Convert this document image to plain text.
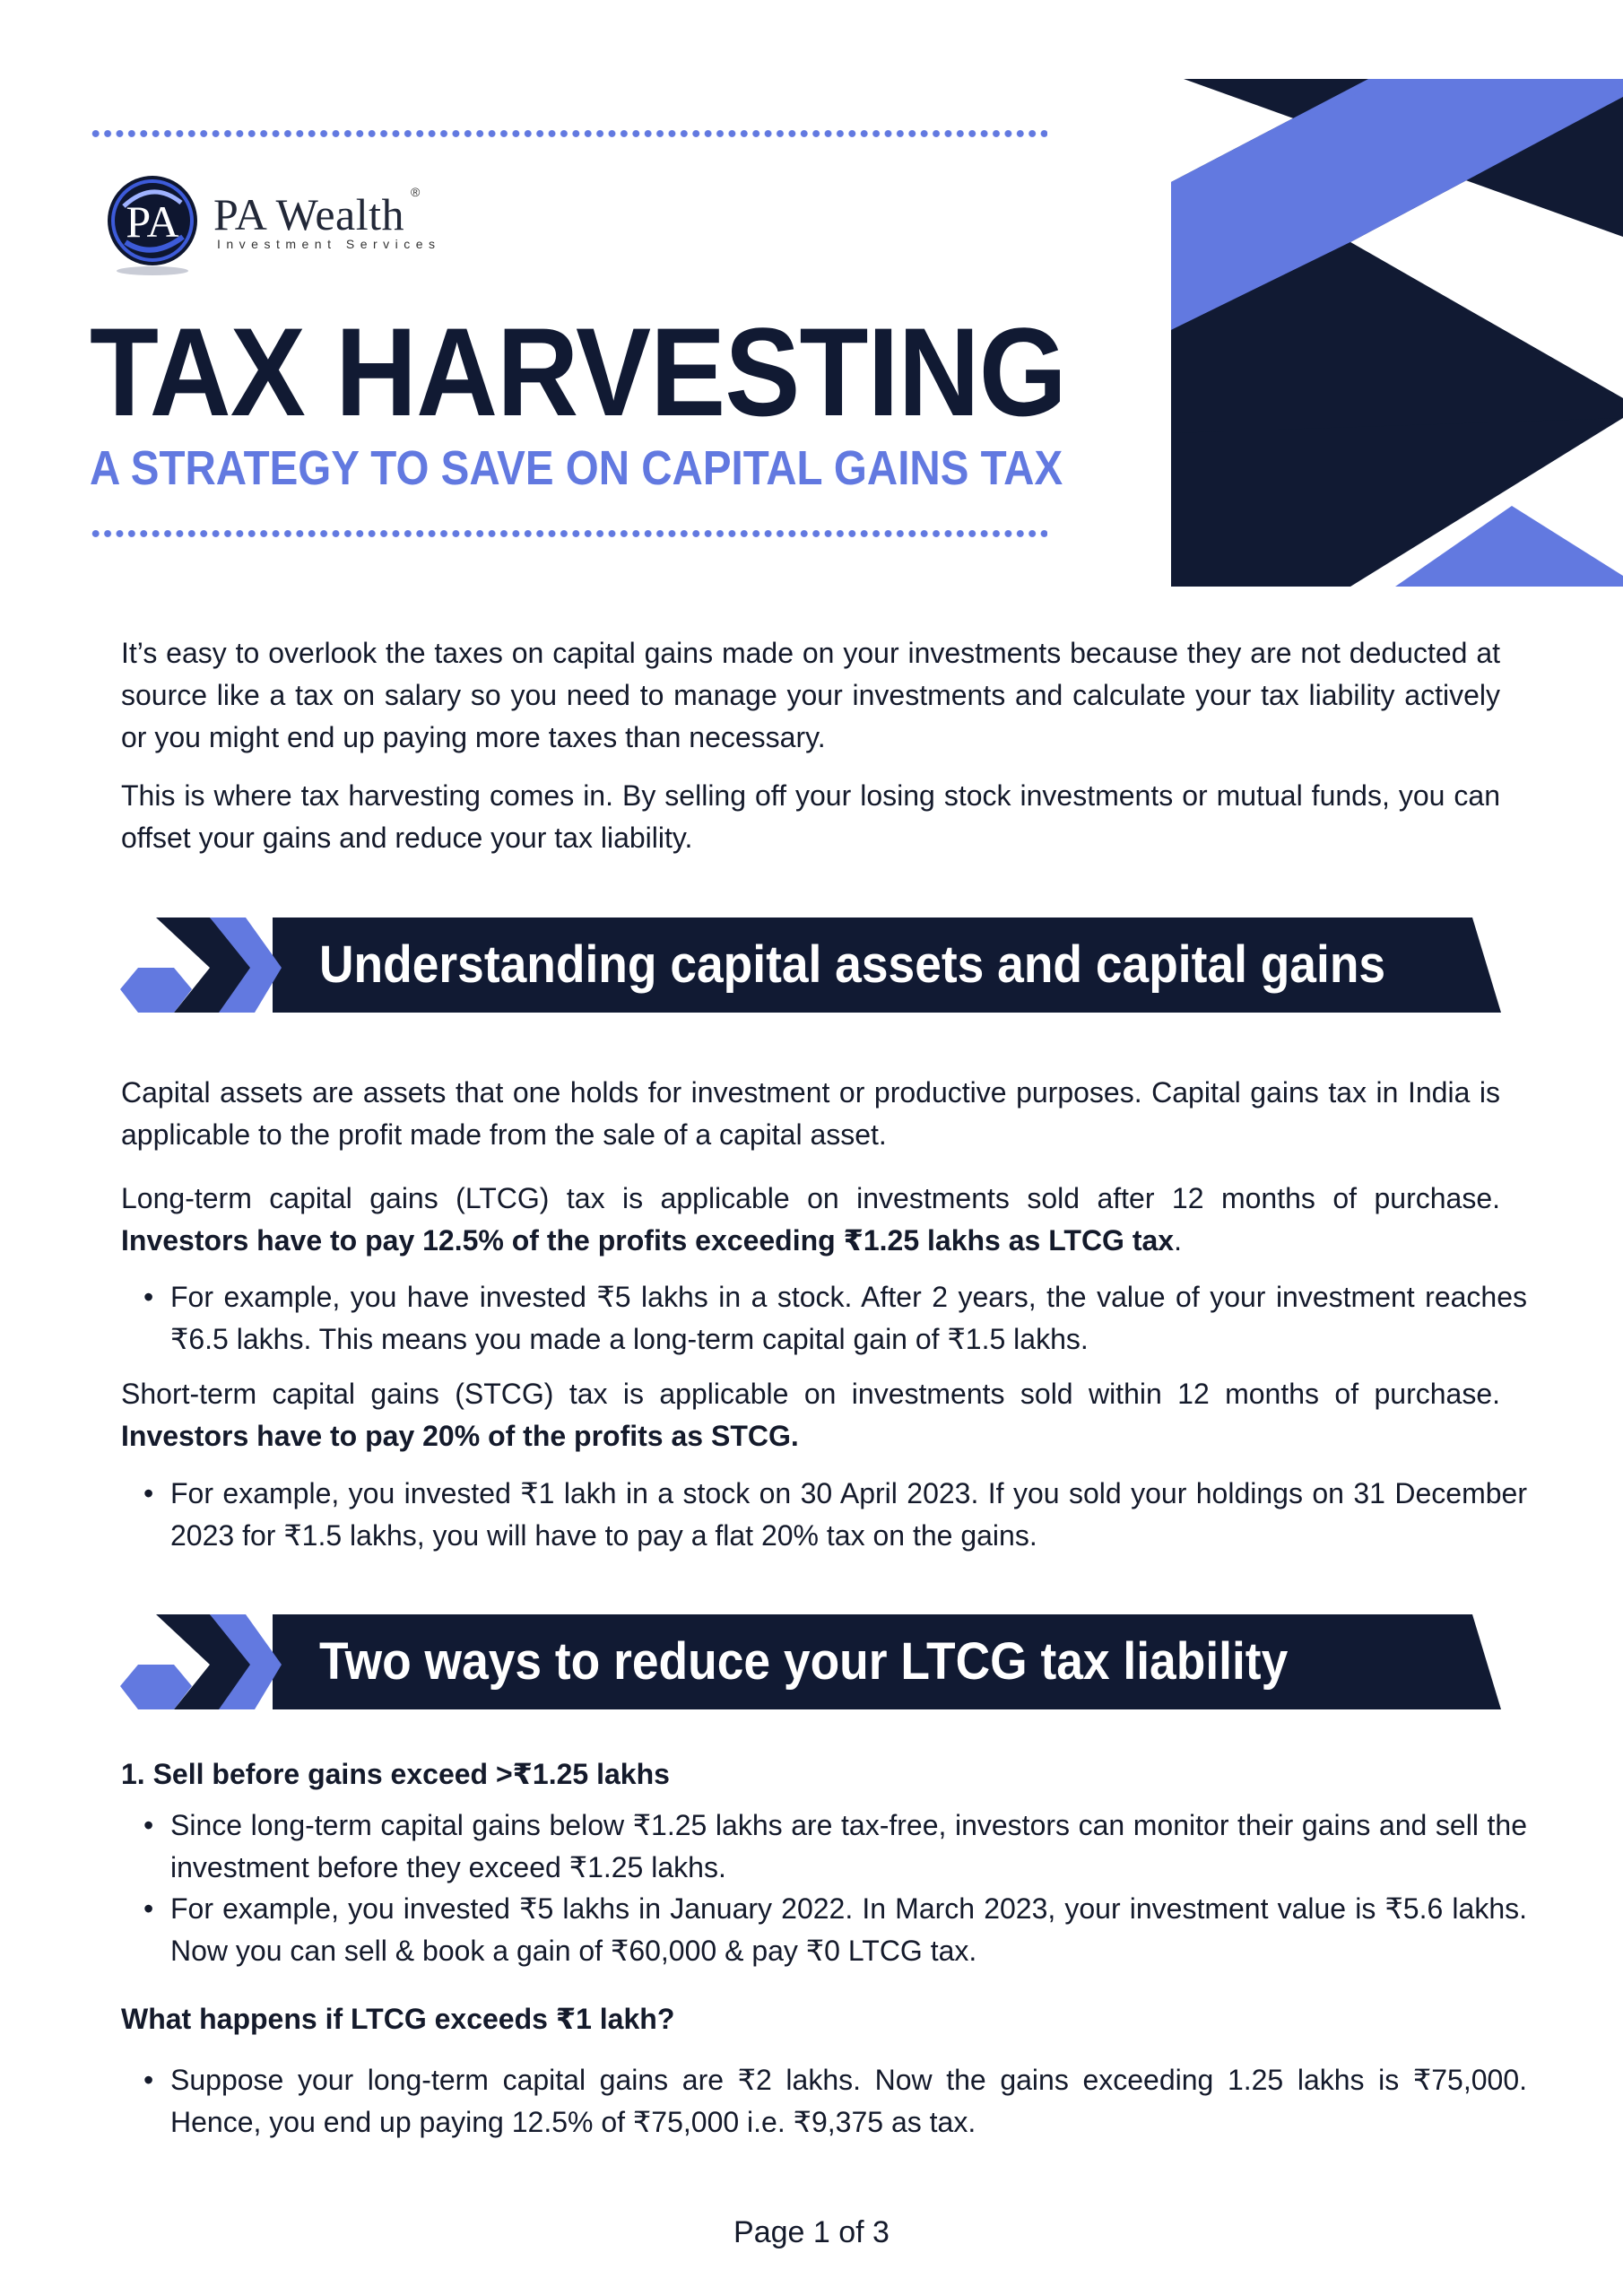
PA PA Wealth ®
Investment Services
TAX HARVESTING
A STRATEGY TO SAVE ON CAPITAL GAINS TAX

It’s easy to overlook the taxes on capital gains made on your investments because they are not deducted at source like a tax on salary so you need to manage your investments and calculate your tax liability actively or you might end up paying more taxes than necessary.

This is where tax harvesting comes in. By selling off your losing stock investments or mutual funds, you can offset your gains and reduce your tax liability.

Understanding capital assets and capital gains

Capital assets are assets that one holds for investment or productive purposes. Capital gains tax in India is applicable to the profit made from the sale of a capital asset.

Long-term capital gains (LTCG) tax is applicable on investments sold after 12 months of purchase. Investors have to pay 12.5% of the profits exceeding ₹1.25 lakhs as LTCG tax.

• For example, you have invested ₹5 lakhs in a stock. After 2 years, the value of your investment reaches ₹6.5 lakhs. This means you made a long-term capital gain of ₹1.5 lakhs.

Short-term capital gains (STCG) tax is applicable on investments sold within 12 months of purchase. Investors have to pay 20% of the profits as STCG.

• For example, you invested ₹1 lakh in a stock on 30 April 2023. If you sold your holdings on 31 December 2023 for ₹1.5 lakhs, you will have to pay a flat 20% tax on the gains.
Two ways to reduce your LTCG tax liability

1. Sell before gains exceed >₹1.25 lakhs

• Since long-term capital gains below ₹1.25 lakhs are tax-free, investors can monitor their gains and sell the investment before they exceed ₹1.25 lakhs.
• For example, you invested ₹5 lakhs in January 2022. In March 2023, your investment value is ₹5.6 lakhs. Now you can sell & book a gain of ₹60,000 & pay ₹0 LTCG tax.

What happens if LTCG exceeds ₹1 lakh?

• Suppose your long-term capital gains are ₹2 lakhs. Now the gains exceeding 1.25 lakhs is ₹75,000. Hence, you end up paying 12.5% of ₹75,000 i.e. ₹9,375 as tax.
Page 1 of 3
